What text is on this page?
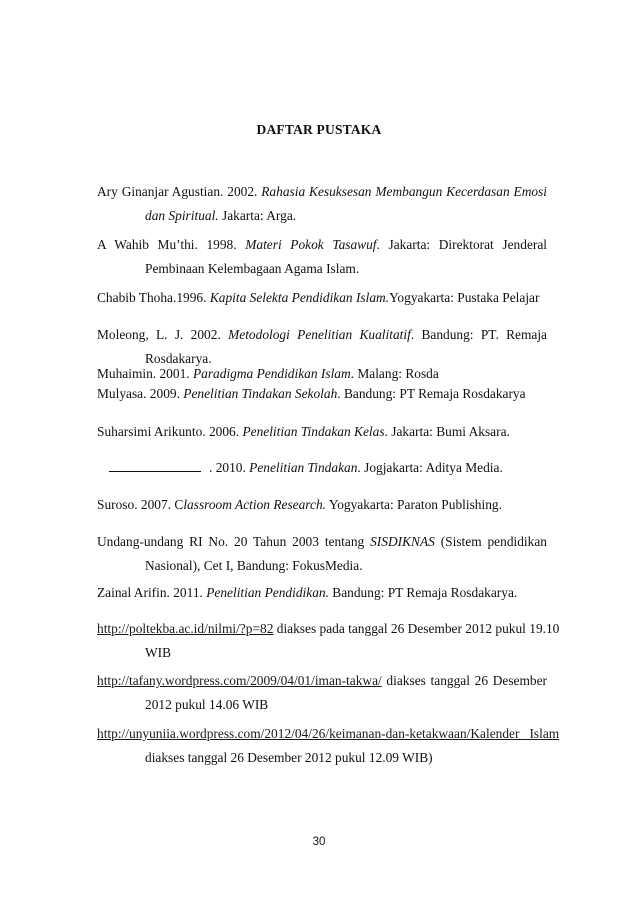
DAFTAR PUSTAKA
Ary Ginanjar Agustian. 2002. Rahasia Kesuksesan Membangun Kecerdasan Emosi
dan Spiritual. Jakarta: Arga.
A Wahib Mu’thi. 1998. Materi Pokok Tasawuf. Jakarta: Direktorat Jenderal
Pembinaan Kelembagaan Agama Islam.
Chabib Thoha.1996. Kapita Selekta Pendidikan Islam.Yogyakarta: Pustaka Pelajar
Moleong, L. J. 2002. Metodologi Penelitian Kualitatif. Bandung: PT. Remaja
Rosdakarya.
Muhaimin. 2001. Paradigma Pendidikan Islam. Malang: Rosda
Mulyasa. 2009. Penelitian Tindakan Sekolah. Bandung: PT Remaja Rosdakarya
Suharsimi Arikunto. 2006. Penelitian Tindakan Kelas. Jakarta: Bumi Aksara.
. 2010. Penelitian Tindakan. Jogjakarta: Aditya Media.
Suroso. 2007. Classroom Action Research. Yogyakarta: Paraton Publishing.
Undang-undang RI No. 20 Tahun 2003 tentang SISDIKNAS (Sistem pendidikan
Nasional), Cet I, Bandung: FokusMedia.
Zainal Arifin. 2011. Penelitian Pendidikan. Bandung: PT Remaja Rosdakarya.
http://poltekba.ac.id/nilmi/?p=82 diakses pada tanggal 26 Desember 2012 pukul 19.10
WIB
http://tafany.wordpress.com/2009/04/01/iman-takwa/ diakses tanggal 26 Desember
2012 pukul 14.06 WIB
http://unyuniia.wordpress.com/2012/04/26/keimanan-dan-ketakwaan/Kalender   Islam
diakses tanggal 26 Desember 2012 pukul 12.09 WIB)
30
